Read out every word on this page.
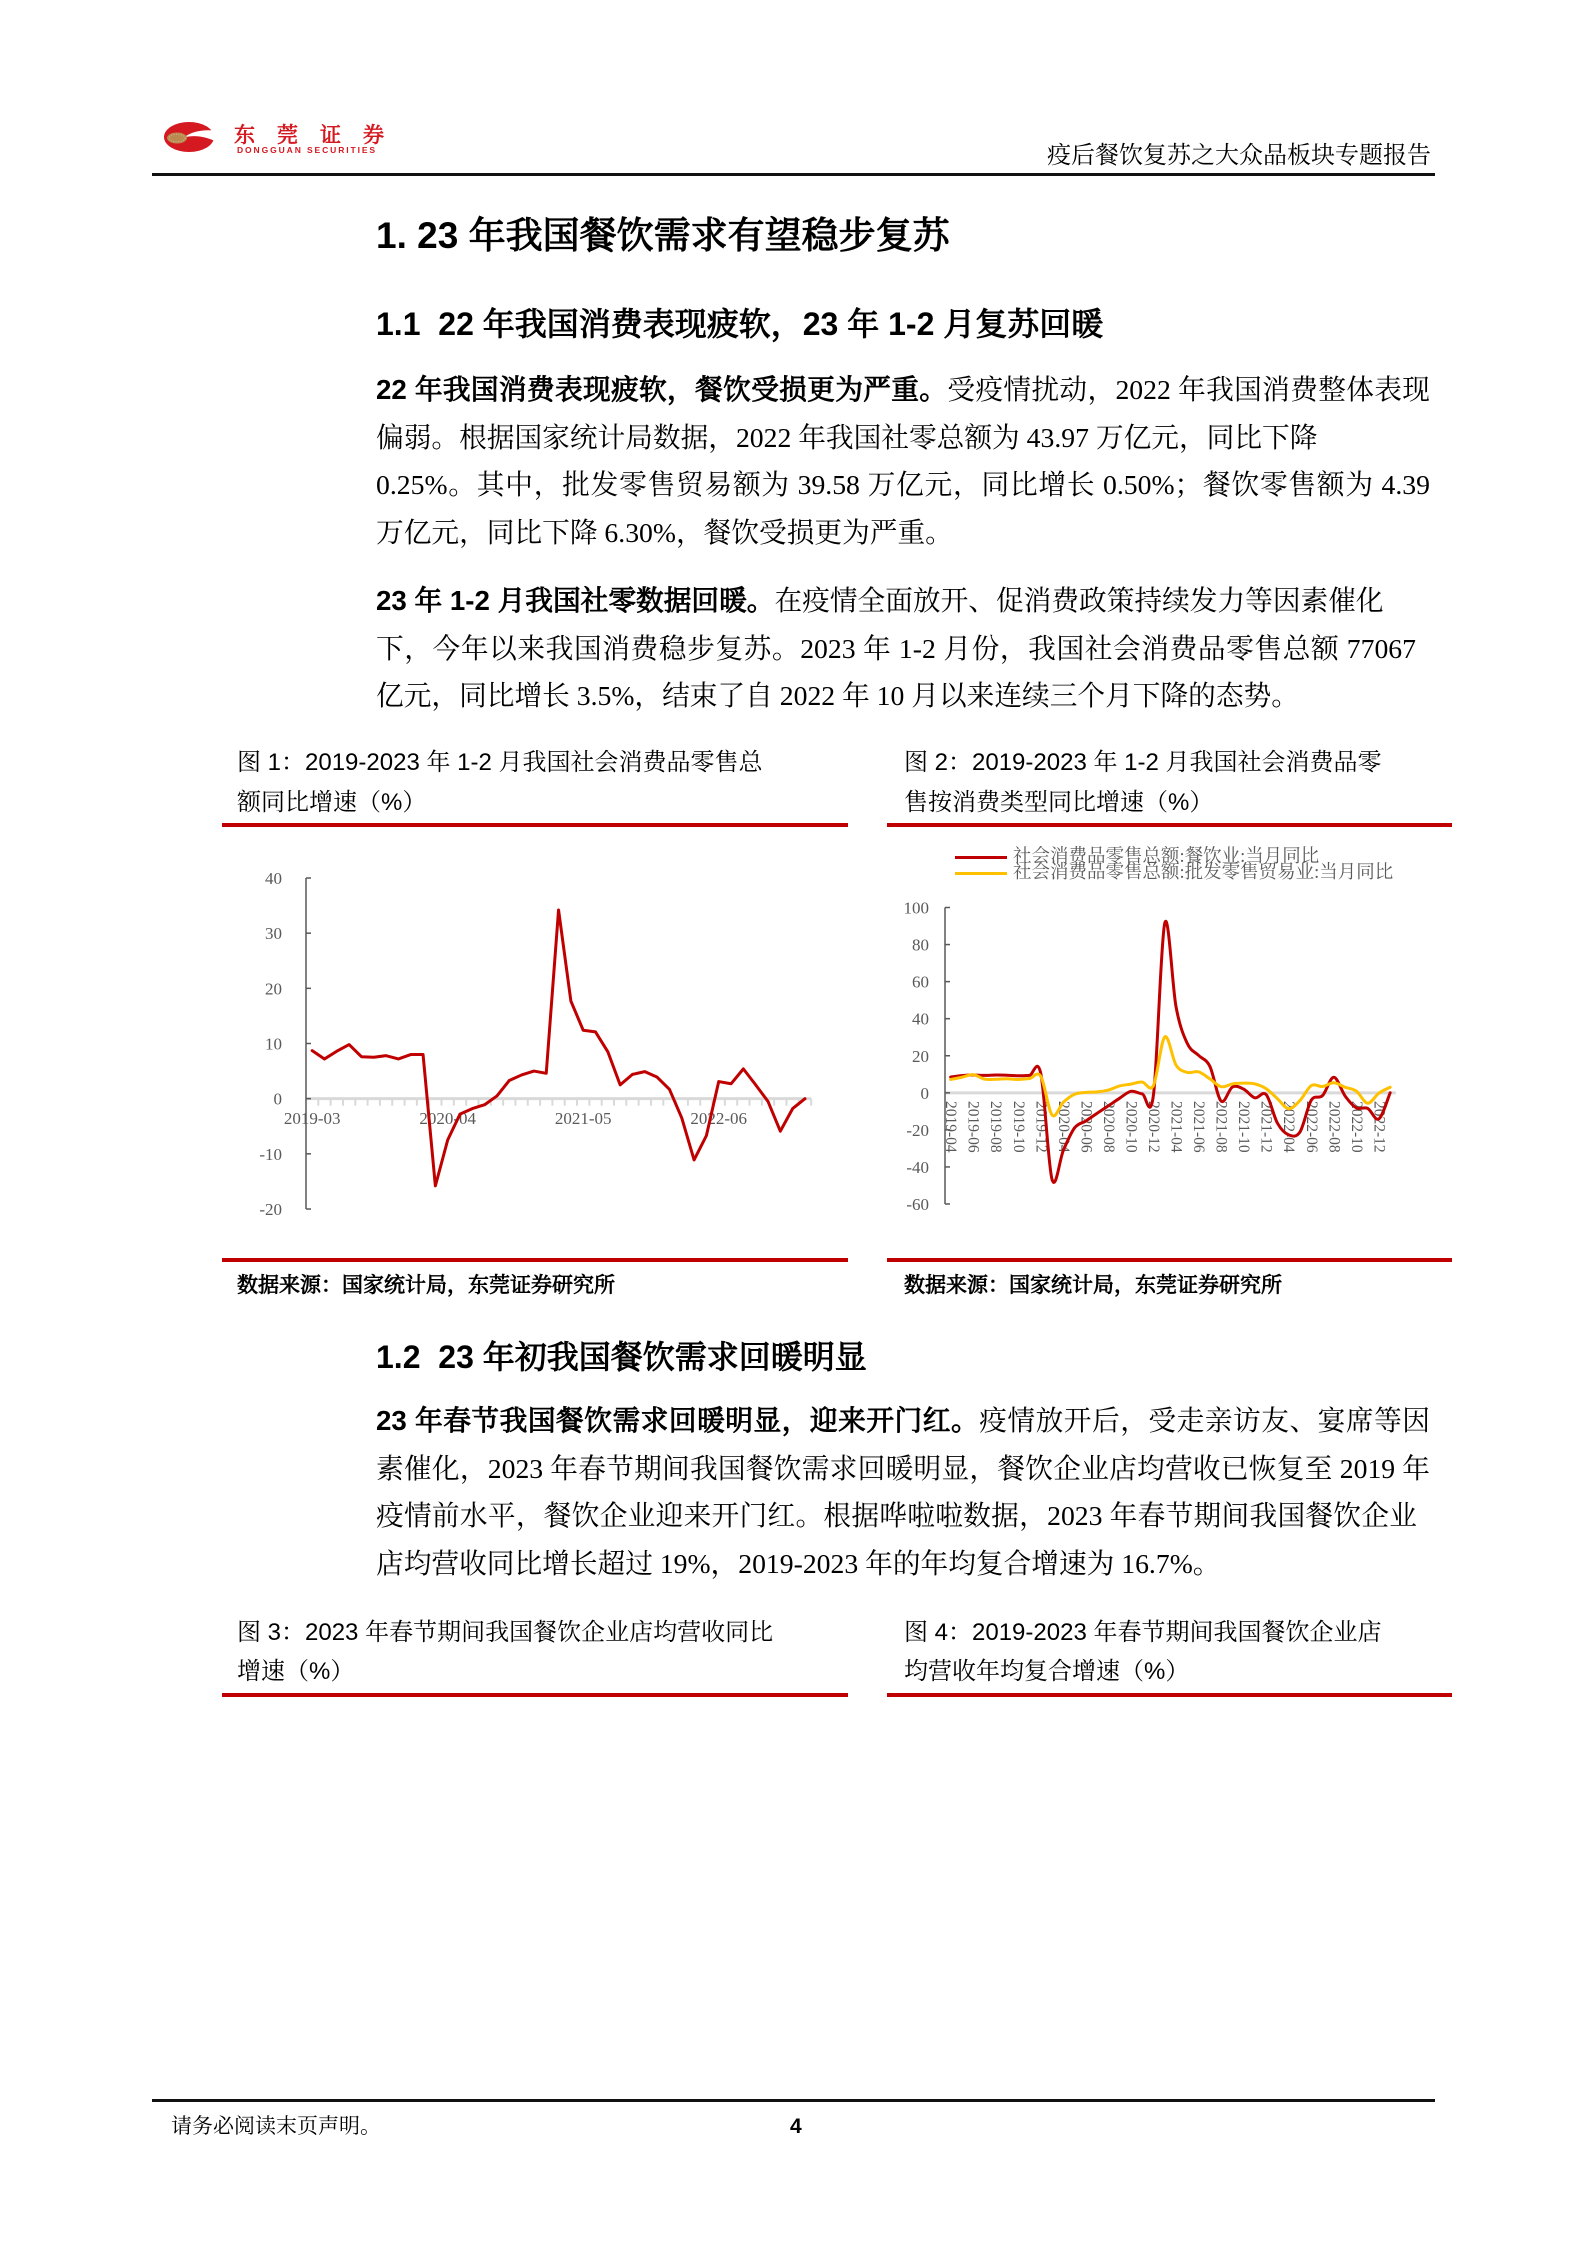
东莞证券
DONGGUAN SECURITIES	疫后餐饮复苏之大众品板块专题报告
1. 23 年我国餐饮需求有望稳步复苏
1.1  22 年我国消费表现疲软，23 年 1-2 月复苏回暖
22 年我国消费表现疲软，餐饮受损更为严重。受疫情扰动，2022 年我国消费整体表现
偏弱。根据国家统计局数据，2022 年我国社零总额为 43.97 万亿元，同比下降
0.25%。其中，批发零售贸易额为 39.58 万亿元，同比增长 0.50%；餐饮零售额为 4.39
万亿元，同比下降 6.30%，餐饮受损更为严重。
23 年 1-2 月我国社零数据回暖。在疫情全面放开、促消费政策持续发力等因素催化
下，今年以来我国消费稳步复苏。2023 年 1-2 月份，我国社会消费品零售总额 77067
亿元，同比增长 3.5%，结束了自 2022 年 10 月以来连续三个月下降的态势。
图 1：2019-2023 年 1-2 月我国社会消费品零售总
额同比增速（%）
图 2：2019-2023 年 1-2 月我国社会消费品零
售按消费类型同比增速（%）
40
30
20
10
0
-10
-20
2019-03	2020-04	2021-05	2022-06
100
80
60
40
20
0
-20
-40
-60
2019-04 2019-06 2019-08 2019-10 2019-12 2020-04 2020-06 2020-08 2020-10 2020-12 2021-04 2021-06 2021-08 2021-10 2021-12 2022-04 2022-06 2022-08 2022-10 2022-12
社会消费品零售总额:餐饮业:当月同比
社会消费品零售总额:批发零售贸易业:当月同比
数据来源：国家统计局，东莞证券研究所	数据来源：国家统计局，东莞证券研究所
1.2  23 年初我国餐饮需求回暖明显
23 年春节我国餐饮需求回暖明显，迎来开门红。疫情放开后，受走亲访友、宴席等因
素催化，2023 年春节期间我国餐饮需求回暖明显，餐饮企业店均营收已恢复至 2019 年
疫情前水平，餐饮企业迎来开门红。根据哗啦啦数据，2023 年春节期间我国餐饮企业
店均营收同比增长超过 19%，2019-2023 年的年均复合增速为 16.7%。
图 3：2023 年春节期间我国餐饮企业店均营收同比
增速（%）
图 4：2019-2023 年春节期间我国餐饮企业店
均营收年均复合增速（%）
请务必阅读末页声明。	4
